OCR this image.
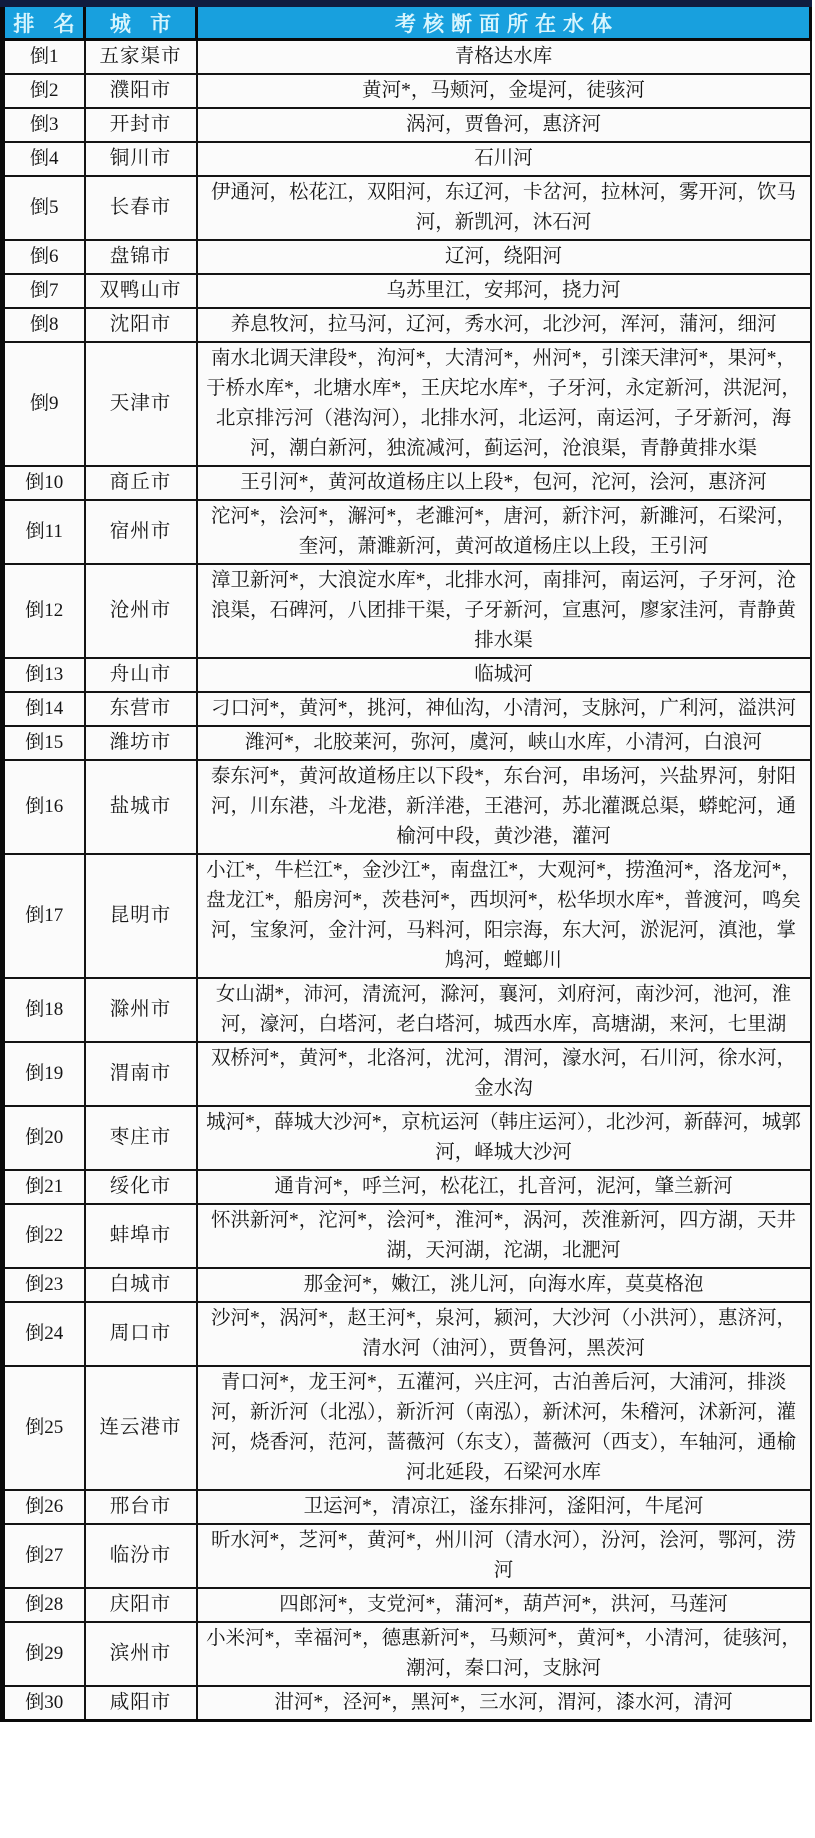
排 名	城 市	考核断面所在水体
倒1	五家渠市	青格达水库
倒2	濮阳市	黄河*，马颊河，金堤河，徒骇河
倒3	开封市	涡河，贾鲁河，惠济河
倒4	铜川市	石川河
倒5	长春市	伊通河，松花江，双阳河，东辽河，卡岔河，拉林河，雾开河，饮马河，新凯河，沐石河
倒6	盘锦市	辽河，绕阳河
倒7	双鸭山市	乌苏里江，安邦河，挠力河
倒8	沈阳市	养息牧河，拉马河，辽河，秀水河，北沙河，浑河，蒲河，细河
倒9	天津市	南水北调天津段*，泃河*，大清河*，州河*，引滦天津河*，果河*，于桥水库*，北塘水库*，王庆坨水库*，子牙河，永定新河，洪泥河，北京排污河（港沟河），北排水河，北运河，南运河，子牙新河，海河，潮白新河，独流减河，蓟运河，沧浪渠，青静黄排水渠
倒10	商丘市	王引河*，黄河故道杨庄以上段*，包河，沱河，浍河，惠济河
倒11	宿州市	沱河*，浍河*，澥河*，老濉河*，唐河，新汴河，新濉河，石梁河，奎河，萧濉新河，黄河故道杨庄以上段，王引河
倒12	沧州市	漳卫新河*，大浪淀水库*，北排水河，南排河，南运河，子牙河，沧浪渠，石碑河，八团排干渠，子牙新河，宣惠河，廖家洼河，青静黄排水渠
倒13	舟山市	临城河
倒14	东营市	刁口河*，黄河*，挑河，神仙沟，小清河，支脉河，广利河，溢洪河
倒15	潍坊市	潍河*，北胶莱河，弥河，虞河，峡山水库，小清河，白浪河
倒16	盐城市	泰东河*，黄河故道杨庄以下段*，东台河，串场河，兴盐界河，射阳河，川东港，斗龙港，新洋港，王港河，苏北灌溉总渠，蟒蛇河，通榆河中段，黄沙港，灌河
倒17	昆明市	小江*，牛栏江*，金沙江*，南盘江*，大观河*，捞渔河*，洛龙河*，盘龙江*，船房河*，茨巷河*，西坝河*，松华坝水库*，普渡河，鸣矣河，宝象河，金汁河，马料河，阳宗海，东大河，淤泥河，滇池，掌鸠河，螳螂川
倒18	滁州市	女山湖*，沛河，清流河，滁河，襄河，刘府河，南沙河，池河，淮河，濠河，白塔河，老白塔河，城西水库，高塘湖，来河，七里湖
倒19	渭南市	双桥河*，黄河*，北洛河，沋河，渭河，濠水河，石川河，徐水河，金水沟
倒20	枣庄市	城河*，薛城大沙河*，京杭运河（韩庄运河），北沙河，新薛河，城郭河，峄城大沙河
倒21	绥化市	通肯河*，呼兰河，松花江，扎音河，泥河，肇兰新河
倒22	蚌埠市	怀洪新河*，沱河*，浍河*，淮河*，涡河，茨淮新河，四方湖，天井湖，天河湖，沱湖，北淝河
倒23	白城市	那金河*，嫩江，洮儿河，向海水库，莫莫格泡
倒24	周口市	沙河*，涡河*，赵王河*，泉河，颍河，大沙河（小洪河），惠济河，清水河（油河），贾鲁河，黑茨河
倒25	连云港市	青口河*，龙王河*，五灌河，兴庄河，古泊善后河，大浦河，排淡河，新沂河（北泓），新沂河（南泓），新沭河，朱稽河，沭新河，灌河，烧香河，范河，蔷薇河（东支），蔷薇河（西支），车轴河，通榆河北延段，石梁河水库
倒26	邢台市	卫运河*，清凉江，滏东排河，滏阳河，牛尾河
倒27	临汾市	昕水河*，芝河*，黄河*，州川河（清水河），汾河，浍河，鄂河，涝河
倒28	庆阳市	四郎河*，支党河*，蒲河*，葫芦河*，洪河，马莲河
倒29	滨州市	小米河*，幸福河*，德惠新河*，马颊河*，黄河*，小清河，徒骇河，潮河，秦口河，支脉河
倒30	咸阳市	泔河*，泾河*，黑河*，三水河，渭河，漆水河，清河
